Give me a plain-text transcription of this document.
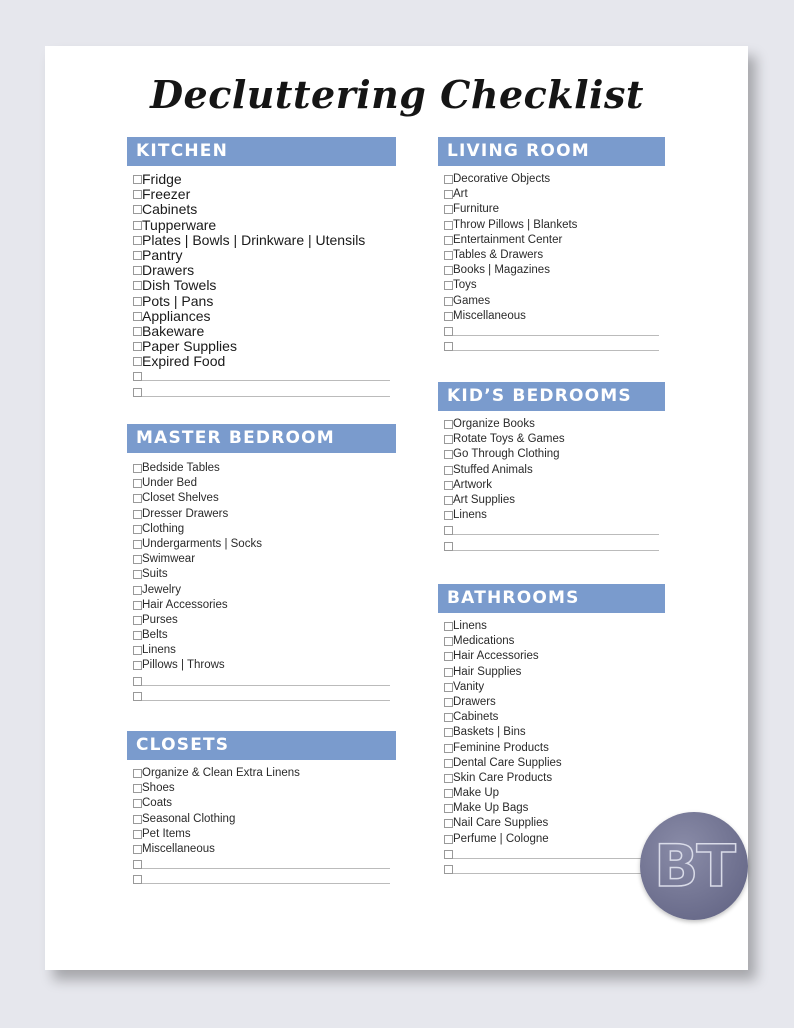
Decluttering Checklist
KITCHEN
Fridge
Freezer
Cabinets
Tupperware
Plates | Bowls | Drinkware | Utensils
Pantry
Drawers
Dish Towels
Pots | Pans
Appliances
Bakeware
Paper Supplies
Expired Food
MASTER BEDROOM
Bedside Tables
Under Bed
Closet Shelves
Dresser Drawers
Clothing
Undergarments | Socks
Swimwear
Suits
Jewelry
Hair Accessories
Purses
Belts
Linens
Pillows | Throws
CLOSETS
Organize & Clean Extra Linens
Shoes
Coats
Seasonal Clothing
Pet Items
Miscellaneous
LIVING ROOM
Decorative Objects
Art
Furniture
Throw Pillows | Blankets
Entertainment Center
Tables & Drawers
Books | Magazines
Toys
Games
Miscellaneous
KID’S BEDROOMS
Organize Books
Rotate Toys & Games
Go Through Clothing
Stuffed Animals
Artwork
Art Supplies
Linens
BATHROOMS
Linens
Medications
Hair Accessories
Hair Supplies
Vanity
Drawers
Cabinets
Baskets | Bins
Feminine Products
Dental Care Supplies
Skin Care Products
Make Up
Make Up Bags
Nail Care Supplies
Perfume | Cologne	BT
